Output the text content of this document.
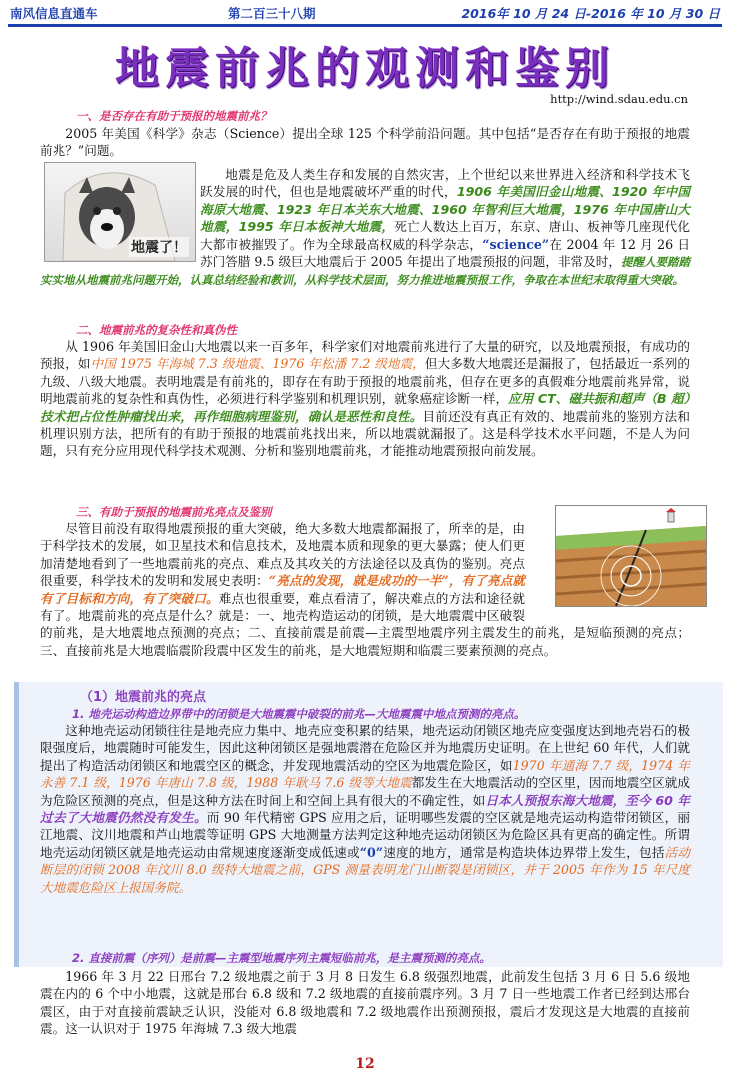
南风信息直通车	第二百三十八期	2016年 10 月 24 日-2016 年 10 月 30 日
地震前兆的观测和鉴别
http://wind.sdau.edu.cn
一、是否存在有助于预报的地震前兆？
2005 年美国《科学》杂志（Science）提出全球 125 个科学前沿问题。其中包括“是否存在有助于预报的地震前兆？”问题。
地震了！
地震是危及人类生存和发展的自然灾害，上个世纪以来世界进入经济和科学技术飞跃发展的时代，但也是地震破坏严重的时代，1906 年美国旧金山地震、1920 年中国海原大地震、1923 年日本关东大地震、1960 年智利巨大地震，1976 年中国唐山大地震，1995 年日本板神大地震，死亡人数达上百万，东京、唐山、板神等几座现代化大都市被摧毁了。作为全球最高权威的科学杂志，“science”在 2004 年 12 月 26 日苏门答腊 9.5 级巨大地震后于 2005 年提出了地震预报的问题，非常及时，提醒人要踏踏实实地从地震前兆问题开始，认真总结经验和教训，从科学技术层面，努力推进地震预报工作，争取在本世纪末取得重大突破。
二、地震前兆的复杂性和真伪性
从 1906 年美国旧金山大地震以来一百多年，科学家们对地震前兆进行了大量的研究，以及地震预报，有成功的预报，如中国 1975 年海城 7.3 级地震、1976 年松潘 7.2 级地震，但大多数大地震还是漏报了，包括最近一系列的九级、八级大地震。表明地震是有前兆的，即存在有助于预报的地震前兆，但存在更多的真假难分地震前兆异常，说明地震前兆的复杂性和真伪性，必须进行科学鉴别和机理识别，就象癌症诊断一样，应用 CT、磁共振和超声（B 超）技术把占位性肿瘤找出来，再作细胞病理鉴别，确认是恶性和良性。目前还没有真正有效的、地震前兆的鉴别方法和机理识别方法，把所有的有助于预报的地震前兆找出来，所以地震就漏报了。这是科学技术水平问题，不是人为问题，只有充分应用现代科学技术观测、分析和鉴别地震前兆，才能推动地震预报向前发展。
三、有助于预报的地震前兆亮点及鉴别
尽管目前没有取得地震预报的重大突破，绝大多数大地震都漏报了，所幸的是，由于科学技术的发展，如卫星技术和信息技术，及地震本质和现象的更大暴露；使人们更加清楚地看到了一些地震前兆的亮点、难点及其攻关的方法途径以及真伪的鉴别。亮点很重要，科学技术的发明和发展史表明：“亮点的发现，就是成功的一半”，有了亮点就有了目标和方向，有了突破口。难点也很重要，难点看清了，解决难点的方法和途径就有了。地震前兆的亮点是什么？就是：一、地壳构造运动的闭锁，是大地震震中区破裂的前兆，是大地震地点预测的亮点；二、直接前震是前震—主震型地震序列主震发生的前兆，是短临预测的亮点；三、直接前兆是大地震临震阶段震中区发生的前兆，是大地震短期和临震三要素预测的亮点。
（1）地震前兆的亮点
1. 地壳运动构造边界带中的闭锁是大地震震中破裂的前兆—大地震震中地点预测的亮点。
这种地壳运动闭锁往往是地壳应力集中、地壳应变积累的结果，地壳运动闭锁区地壳应变强度达到地壳岩石的极限强度后，地震随时可能发生，因此这种闭锁区是强地震潜在危险区并为地震历史证明。在上世纪 60 年代，人们就提出了构造活动闭锁区和地震空区的概念，并发现地震活动的空区为地震危险区，如1970 年通海 7.7 级，1974 年永善 7.1 级，1976 年唐山 7.8 级，1988 年耿马 7.6 级等大地震都发生在大地震活动的空区里，因而地震空区就成为危险区预测的亮点，但是这种方法在时间上和空间上具有很大的不确定性，如日本人预报东海大地震，至今 60 年过去了大地震仍然没有发生。而 90 年代精密 GPS 应用之后，证明哪些发震的空区就是地壳运动构造带闭锁区，丽江地震、汶川地震和芦山地震等证明 GPS 大地测量方法判定这种地壳运动闭锁区为危险区具有更高的确定性。所谓地壳运动闭锁区就是地壳运动由常规速度逐渐变成低速或“0”速度的地方，通常是构造块体边界带上发生，包括活动断层的闭锁 2008 年汶川 8.0 级特大地震之前，GPS 测量表明龙门山断裂是闭锁区，并于 2005 年作为 15 年尺度大地震危险区上报国务院。
2. 直接前震（序列）是前震—主震型地震序列主震短临前兆，是主震预测的亮点。
1966 年 3 月 22 日邢台 7.2 级地震之前于 3 月 8 日发生 6.8 级强烈地震，此前发生包括 3 月 6 日 5.6 级地震在内的 6 个中小地震，这就是邢台 6.8 级和 7.2 级地震的直接前震序列。3 月 7 日一些地震工作者已经到达邢台震区，由于对直接前震缺乏认识，没能对 6.8 级地震和 7.2 级地震作出预测预报，震后才发现这是大地震的直接前震。这一认识对于 1975 年海城 7.3 级大地震
12
